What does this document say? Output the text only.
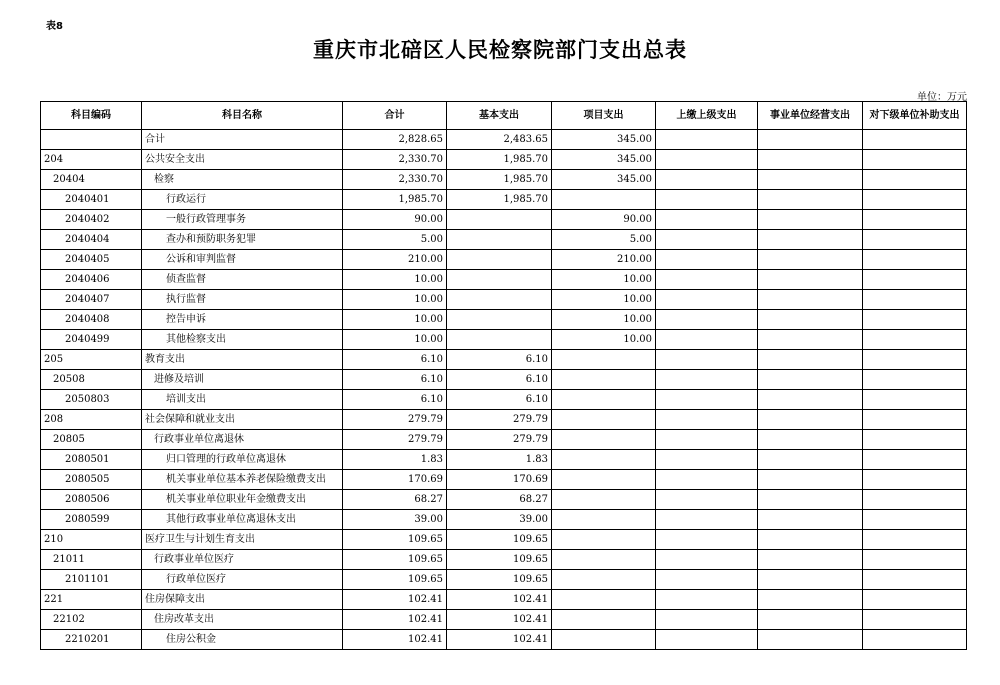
表8
重庆市北碚区人民检察院部门支出总表
单位：万元
科目编码	科目名称	合计	基本支出	项目支出	上缴上级支出	事业单位经营支出	对下级单位补助支出
	合计	2,828.65	2,483.65	345.00			
204	公共安全支出	2,330.70	1,985.70	345.00			
20404	检察	2,330.70	1,985.70	345.00			
2040401	行政运行	1,985.70	1,985.70				
2040402	一般行政管理事务	90.00		90.00			
2040404	查办和预防职务犯罪	5.00		5.00			
2040405	公诉和审判监督	210.00		210.00			
2040406	侦查监督	10.00		10.00			
2040407	执行监督	10.00		10.00			
2040408	控告申诉	10.00		10.00			
2040499	其他检察支出	10.00		10.00			
205	教育支出	6.10	6.10				
20508	进修及培训	6.10	6.10				
2050803	培训支出	6.10	6.10				
208	社会保障和就业支出	279.79	279.79				
20805	行政事业单位离退休	279.79	279.79				
2080501	归口管理的行政单位离退休	1.83	1.83				
2080505	机关事业单位基本养老保险缴费支出	170.69	170.69				
2080506	机关事业单位职业年金缴费支出	68.27	68.27				
2080599	其他行政事业单位离退休支出	39.00	39.00				
210	医疗卫生与计划生育支出	109.65	109.65				
21011	行政事业单位医疗	109.65	109.65				
2101101	行政单位医疗	109.65	109.65				
221	住房保障支出	102.41	102.41				
22102	住房改革支出	102.41	102.41				
2210201	住房公积金	102.41	102.41				
